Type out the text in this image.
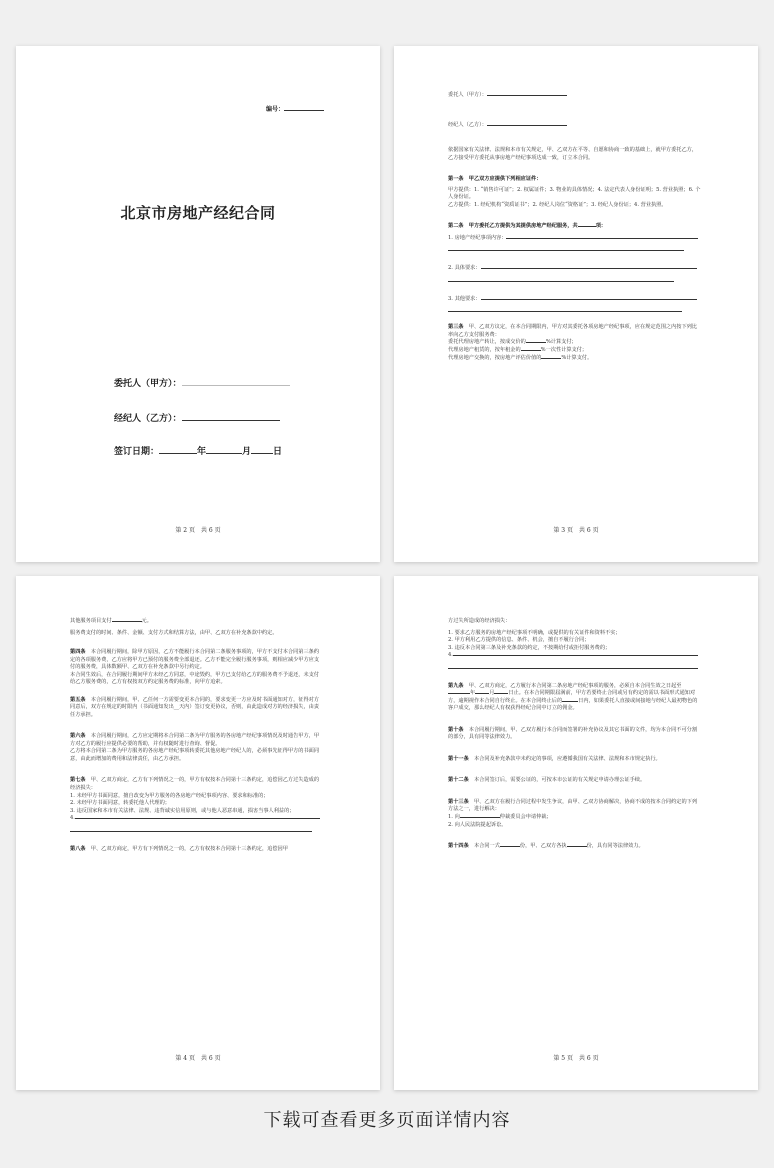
编号：
北京市房地产经纪合同
委托人（甲方）：
经纪人（乙方）：
签订日期：	年	月 日
第 2 页　共 6 页

委托人（甲方）：

经纪人（乙方）：

依据国家有关法律、法规和本市有关规定，甲、乙双方在平等、自愿和协商一致的基础上，就甲方委托乙方，乙方接受甲方委托从事房地产经纪事项达成一致，订立本合同。

第一条　甲乙双方应提供下列相应证件：

甲方提供：1. “销售许可证”；2. 权属证件；3. 物业的具体情况；4. 法定代表人身份证明；5. 营业执照；6. 个人身份证。

乙方提供：1. 经纪机构“资质证书”；2. 经纪人岗位“资格证”；3. 经纪人身份证；4. 营业执照。

第二条　甲方委托乙方提供为其提供房地产经纪服务，共	项：

1. 房地产经纪事项内容：

2. 具体要求：

3. 其他要求：

第三条　 甲、乙双方议定，在本合同期限内，甲方对其委托各项房地产经纪事项，应在规定范围之内按下列比率向乙方支付服务费：

委托代理房地产转让，按成交价的	%计算支付；

代理房地产租赁的，按年租金的	%一次性计算支付；

代理房地产交换的，按房地产评估价值的	%计算支付。

第 3 页　共 6 页

其他服务项目支付	元。

服务费支付的时间、条件、金额、支付方式和结算方法，由甲、乙双方在补充条款中约定。

第四条　 本合同履行期间，除甲方原因，乙方不能履行本合同第二条服务事项的，甲方不支付本合同第三条约定的各项服务费，乙方应将甲方已预付的服务费全部退还。乙方不能完全履行服务事项，则相应减少甲方应支付的服务费，具体数额甲、乙双方在补充条款中另行约定。

本合同生效后，在合同履行期间甲方未经乙方同意，中途毁约，甲方已支付给乙方的服务费不予退还，未支付给乙方服务费的，乙方有权按双方约定服务费的标准，向甲方追索。

第五条　 本合同履行期间，甲、乙任何一方需要变更本合同的，要求变更一方应及时书面通知对方，征得对方同意后，双方在规定的时限内（书面通知发出__天内）签订变更协议，否则，由此造成对方的经济损失，由责任方承担。

第六条　 本合同履行期间，乙方应定期将本合同第二条为甲方服务的各房地产经纪事项情况及时通告甲方，甲方对乙方的履行应提供必要的帮助，并有权随时进行查询、督促。

乙方将本合同第二条为甲方服务的各房地产经纪事项转委托其他房地产经纪人的，必须事先征得甲方的书面同意，由此而增加的费用和法律责任，由乙方承担。

第七条　 甲、乙双方商定，乙方有下列情况之一的，甲方有权按本合同第十三条约定，追偿因乙方过失造成的经济损失：

1. 未经甲方书面同意，擅自改变为甲方服务的各房地产经纪事项内容、要求和标准的；

2. 未经甲方书面同意，转委托他人代理的；

3. 违反国家和本市有关法律、法规、违背诚实信用原则，或与他人恶意串通，损害当事人利益的；

4.

第八条　 甲、乙双方商定，甲方有下列情况之一的，乙方有权按本合同第十三条约定，追偿因甲

第 4 页　共 6 页

方过失所造成的经济损失：

1. 要求乙方服务的房地产经纪事项不明确，或提供的有关证件和资料不实；

2. 甲方利用乙方提供的信息、条件、机会，擅自不履行合同；

3. 违反本合同第三条及补充条款的约定，不按期给付或拒付服务费的；

4.

第九条　 甲、乙双方商定，乙方履行本合同第二条房地产经纪事项的服务，必须自本合同生效之日起至年	月	日止。在本合同期限届满前，甲方若要终止合同或另有约定的需以书面形式通知对方，逾期视作本合同自行终止。在本合同终止后的	日内，如果委托人直接或间接地与经纪人最初物色的客户成交，那么经纪人有权获得经纪合同中订立的佣金。

第十条　 本合同履行期间，甲、乙双方履行本合同而签署的补充协议及其它书面的文件，均为本合同不可分割的部分，具有同等法律效力。

第十一条　 本合同及补充条款中未约定的事项，应遵循我国有关法律、法规和本市规定执行。

第十二条　 本合同签订后，需要公证的，可按本市公证的有关规定申请办理公证手续。

第十三条　 甲、乙双方在履行合同过程中发生争议，由甲、乙双方协商解决，协商不成的按本合同约定的下列方法之一，进行解决：

1. 向	仲裁委员会申请仲裁；

2. 向人民法院提起诉讼。

第十四条　 本合同一式	份，甲、乙双方各执	份，具有同等法律效力。

第 5 页　共 6 页
下载可查看更多页面详情内容
